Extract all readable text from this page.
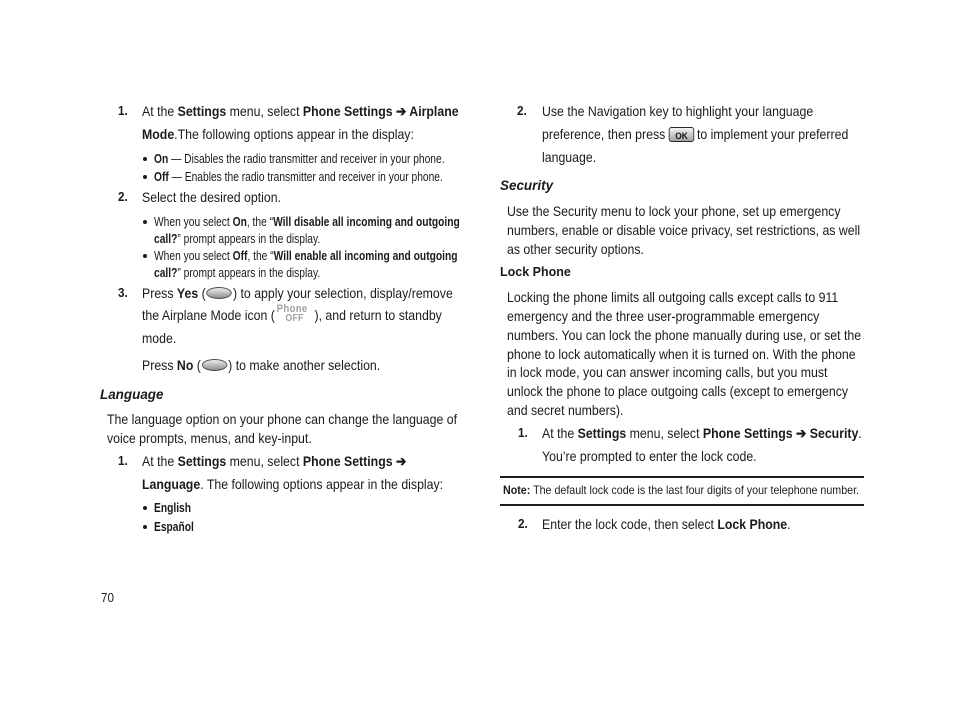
1. At the Settings menu, select Phone Settings ➔ Airplane
Mode.The following options appear in the display:
On — Disables the radio transmitter and receiver in your phone.
Off — Enables the radio transmitter and receiver in your phone.
2. Select the desired option.
When you select On, the “Will disable all incoming and outgoing
call?” prompt appears in the display.
When you select Off, the “Will enable all incoming and outgoing
call?” prompt appears in the display.
3. Press Yes ( ) to apply your selection, display/remove
the Airplane Mode icon ( Phone
OFF ), and return to standby
mode.
Press No ( ) to make another selection.
Language
The language option on your phone can change the language of
voice prompts, menus, and key-input.
1. At the Settings menu, select Phone Settings ➔
Language. The following options appear in the display:
English
Español
70
2. Use the Navigation key to highlight your language
preference, then press OK to implement your preferred
language.
Security
Use the Security menu to lock your phone, set up emergency
numbers, enable or disable voice privacy, set restrictions, as well
as other security options.
Lock Phone
Locking the phone limits all outgoing calls except calls to 911
emergency and the three user-programmable emergency
numbers. You can lock the phone manually during use, or set the
phone to lock automatically when it is turned on. With the phone
in lock mode, you can answer incoming calls, but you must
unlock the phone to place outgoing calls (except to emergency
and secret numbers).
1. At the Settings menu, select Phone Settings ➔ Security.
You’re prompted to enter the lock code.
Note: The default lock code is the last four digits of your telephone number.
2. Enter the lock code, then select Lock Phone.
